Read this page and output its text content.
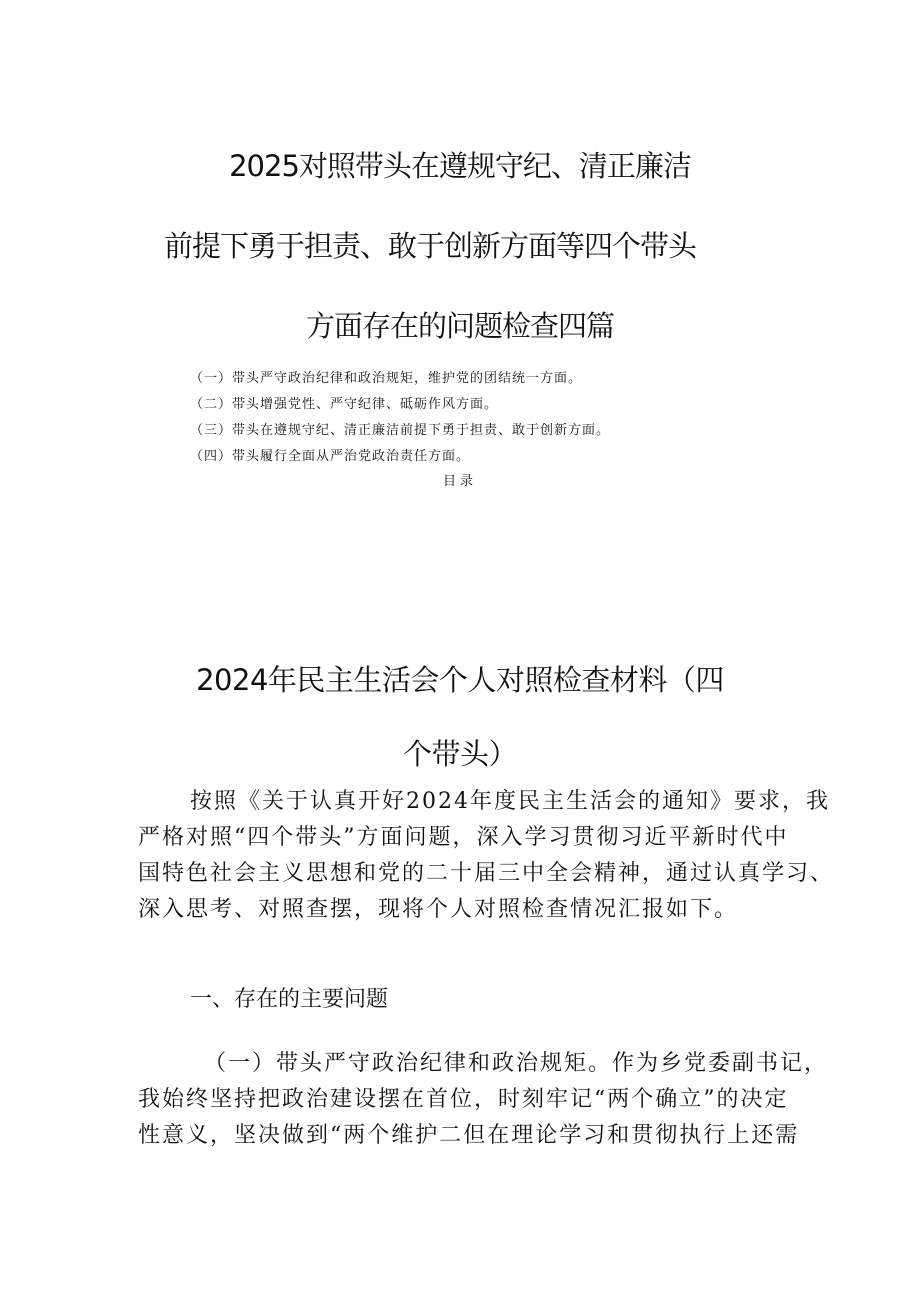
2025对照带头在遵规守纪、清正廉洁
前提下勇于担责、敢于创新方面等四个带头
方面存在的问题检查四篇
（一）带头严守政治纪律和政治规矩，维护党的团结统一方面。
（二）带头增强党性、严守纪律、砥砺作风方面。
（三）带头在遵规守纪、清正廉洁前提下勇于担责、敢于创新方面。
（四）带头履行全面从严治党政治责任方面。
目录
2024年民主生活会个人对照检查材料（四
个带头）
按照《关于认真开好2024年度民主生活会的通知》要求，我
严格对照“四个带头”方面问题，深入学习贯彻习近平新时代中
国特色社会主义思想和党的二十届三中全会精神，通过认真学习、
深入思考、对照查摆，现将个人对照检查情况汇报如下。
一、存在的主要问题
（一）带头严守政治纪律和政治规矩。作为乡党委副书记，
我始终坚持把政治建设摆在首位，时刻牢记“两个确立”的决定
性意义，坚决做到“两个维护二但在理论学习和贯彻执行上还需
